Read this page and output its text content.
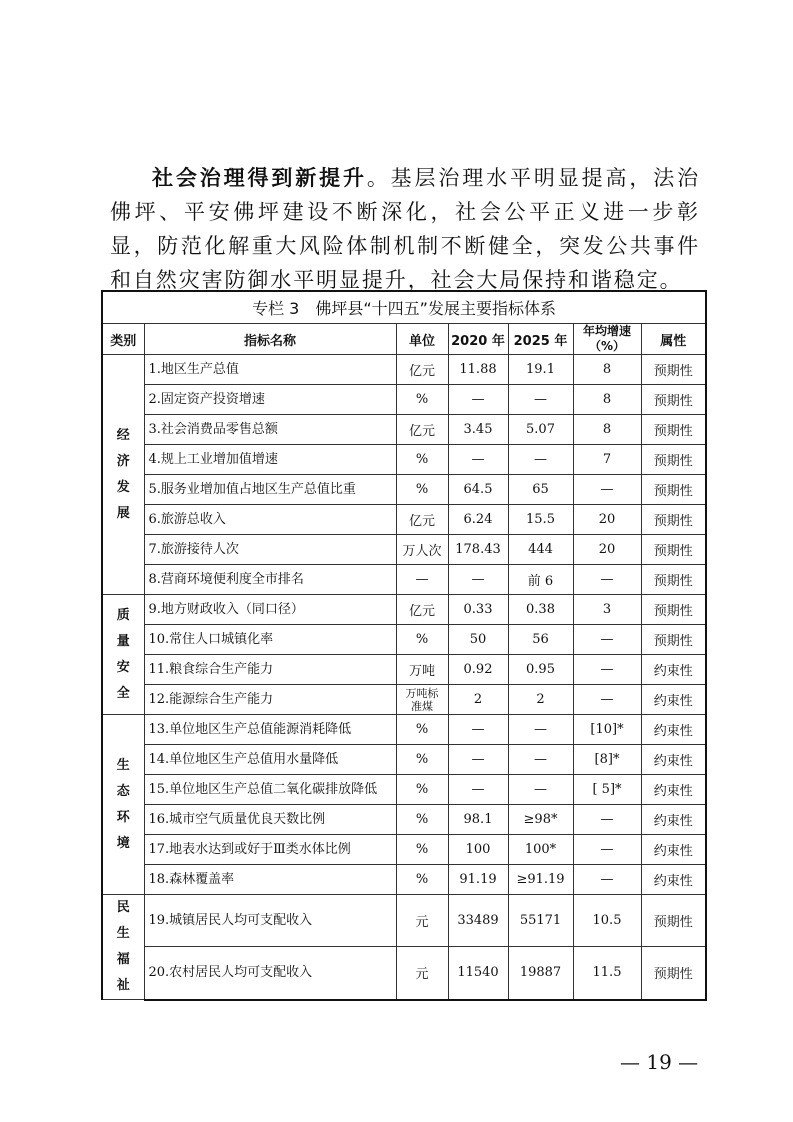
社会治理得到新提升。基层治理水平明显提高，法治佛坪、平安佛坪建设不断深化，社会公平正义进一步彰显，防范化解重大风险体制机制不断健全，突发公共事件和自然灾害防御水平明显提升，社会大局保持和谐稳定。

专栏 3　佛坪县“十四五”发展主要指标体系						
类别	指标名称	单位	2020 年	2025 年	年均增速（%）	属性
经济发展	1.地区生产总值	亿元	11.88	19.1	8	预期性
	2.固定资产投资增速	%	—	—	8	预期性
	3.社会消费品零售总额	亿元	3.45	5.07	8	预期性
	4.规上工业增加值增速	%	—	—	7	预期性
	5.服务业增加值占地区生产总值比重	%	64.5	65	—	预期性
	6.旅游总收入	亿元	6.24	15.5	20	预期性
	7.旅游接待人次	万人次	178.43	444	20	预期性
	8.营商环境便利度全市排名	—	—	前 6	—	预期性
质量安全	9.地方财政收入（同口径）	亿元	0.33	0.38	3	预期性
	10.常住人口城镇化率	%	50	56	—	预期性
	11.粮食综合生产能力	万吨	0.92	0.95	—	约束性
	12.能源综合生产能力	万吨标准煤	2	2	—	约束性
生态环境	13.单位地区生产总值能源消耗降低	%	—	—	[10]*	约束性
	14.单位地区生产总值用水量降低	%	—	—	[8]*	约束性
	15.单位地区生产总值二氧化碳排放降低	%	—	—	[ 5]*	约束性
	16.城市空气质量优良天数比例	%	98.1	≥98*	—	约束性
	17.地表水达到或好于Ⅲ类水体比例	%	100	100*	—	约束性
	18.森林覆盖率	%	91.19	≥91.19	—	约束性
民生福祉	19.城镇居民人均可支配收入	元	33489	55171	10.5	预期性
	20.农村居民人均可支配收入	元	11540	19887	11.5	预期性
— 19 —
